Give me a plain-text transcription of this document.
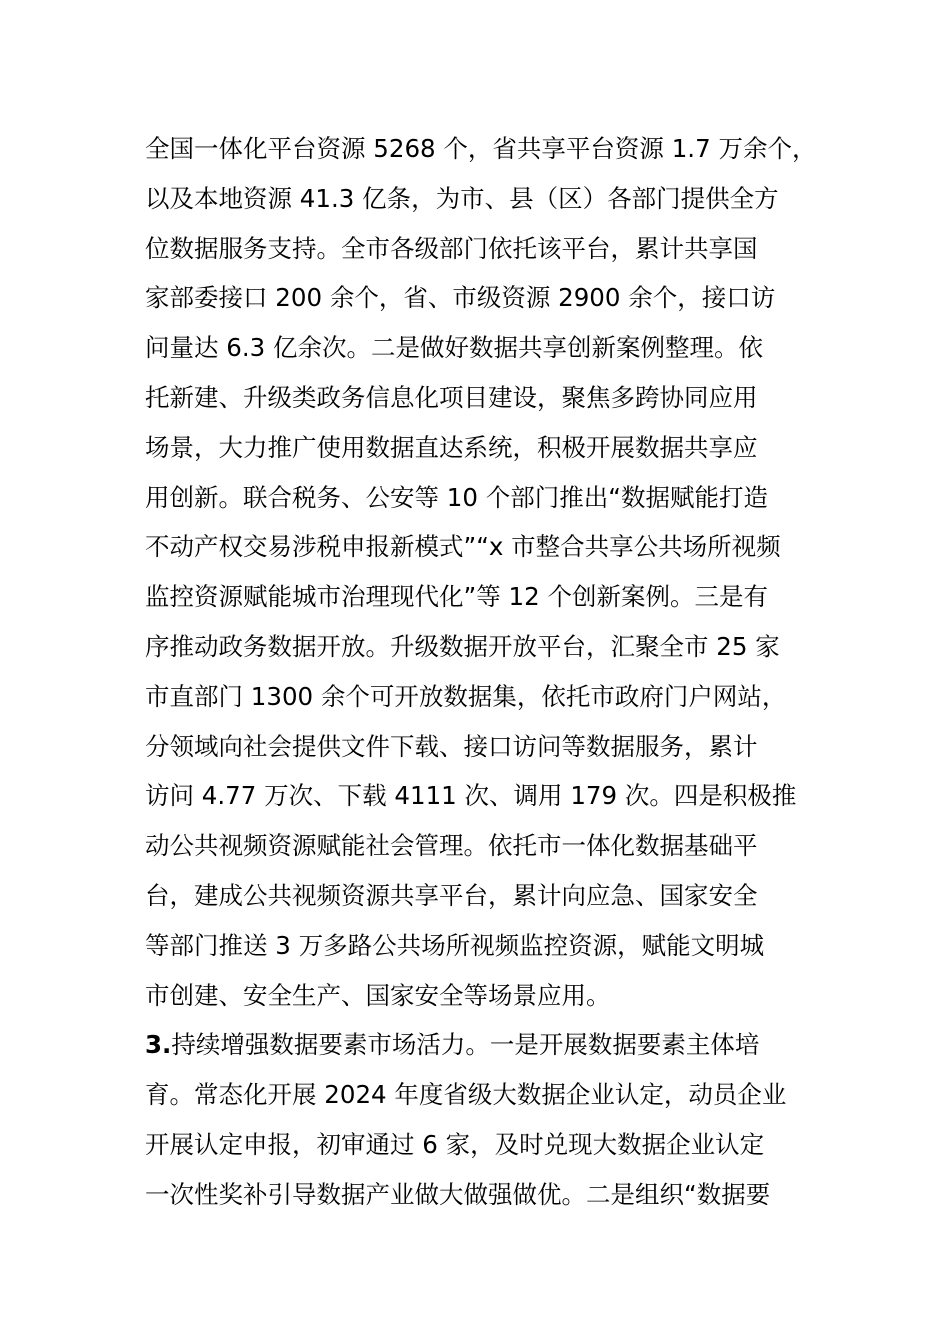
全国一体化平台资源 5268 个，省共享平台资源 1.7 万余个，
以及本地资源 41.3 亿条，为市、县（区）各部门提供全方
位数据服务支持。全市各级部门依托该平台，累计共享国
家部委接口 200 余个，省、市级资源 2900 余个，接口访
问量达 6.3 亿余次。二是做好数据共享创新案例整理。依
托新建、升级类政务信息化项目建设，聚焦多跨协同应用
场景，大力推广使用数据直达系统，积极开展数据共享应
用创新。联合税务、公安等 10 个部门推出“数据赋能打造
不动产权交易涉税申报新模式”“x 市整合共享公共场所视频
监控资源赋能城市治理现代化”等 12 个创新案例。三是有
序推动政务数据开放。升级数据开放平台，汇聚全市 25 家
市直部门 1300 余个可开放数据集，依托市政府门户网站，
分领域向社会提供文件下载、接口访问等数据服务，累计
访问 4.77 万次、下载 4111 次、调用 179 次。四是积极推
动公共视频资源赋能社会管理。依托市一体化数据基础平
台，建成公共视频资源共享平台，累计向应急、国家安全
等部门推送 3 万多路公共场所视频监控资源，赋能文明城
市创建、安全生产、国家安全等场景应用。
3.持续增强数据要素市场活力。一是开展数据要素主体培
育。常态化开展 2024 年度省级大数据企业认定，动员企业
开展认定申报，初审通过 6 家，及时兑现大数据企业认定
一次性奖补引导数据产业做大做强做优。二是组织“数据要
